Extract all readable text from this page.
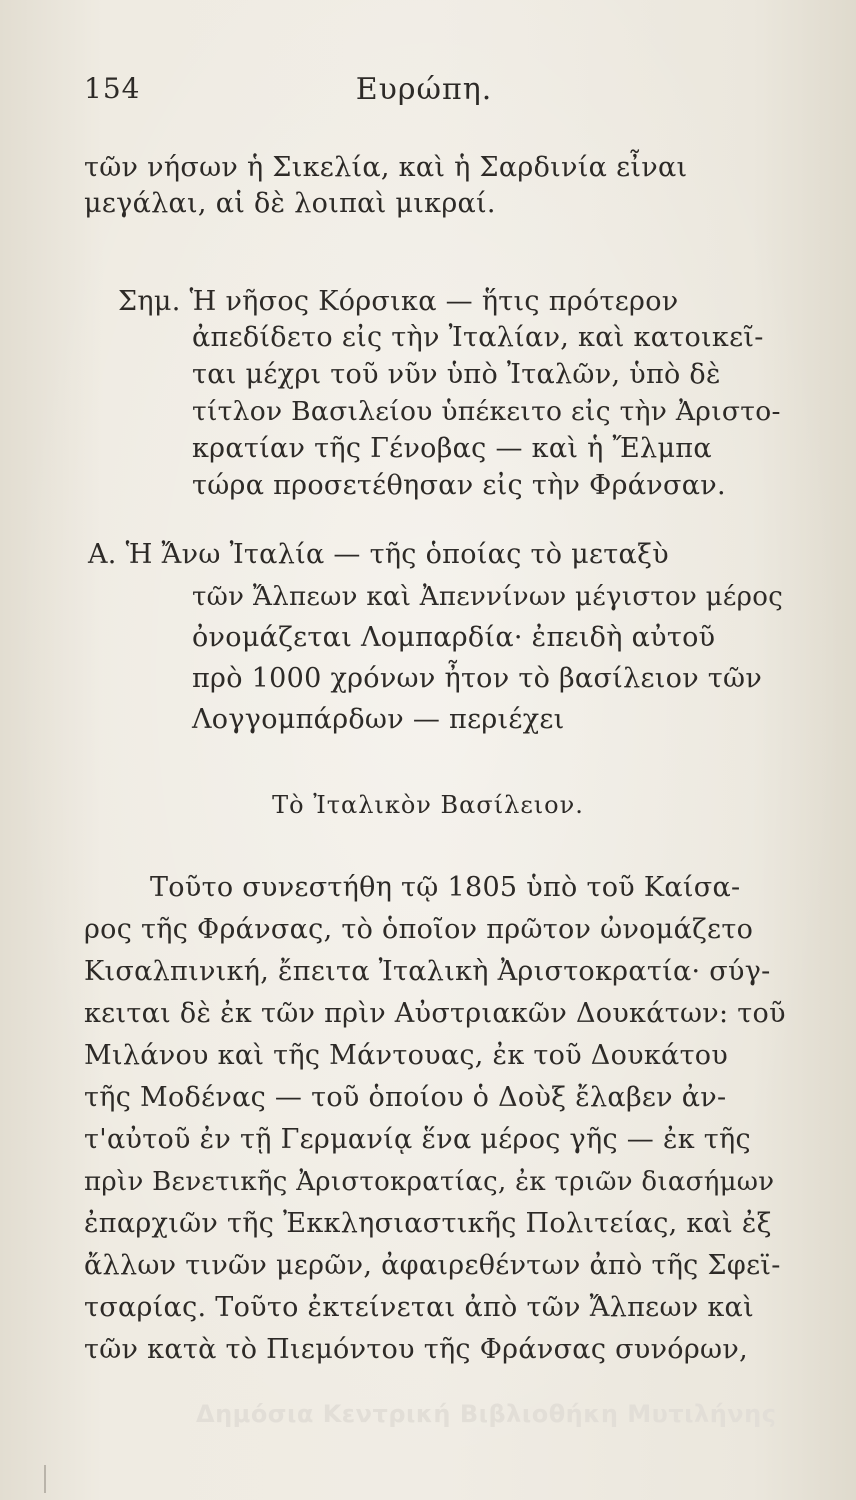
154	Ευρώπη.
τῶν νήσων ἡ Σικελία, καὶ ἡ Σαρδινία εἶναι
μεγάλαι, αἱ δὲ λοιπαὶ μικραί.
Σημ. Ἡ νῆσος Κόρσικα — ἥτις πρότερον
ἀπεδίδετο εἰς τὴν Ἰταλίαν, καὶ κατοικεῖ-
ται μέχρι τοῦ νῦν ὑπὸ Ἰταλῶν, ὑπὸ δὲ
τίτλον Βασιλείου ὑπέκειτο εἰς τὴν Ἀριστο-
κρατίαν τῆς Γένοβας — καὶ ἡ Ἔλμπα
τώρα προσετέθησαν εἰς τὴν Φράνσαν.
Α. Ἡ Ἄνω Ἰταλία — τῆς ὁποίας τὸ μεταξὺ
τῶν Ἄλπεων καὶ Ἀπεννίνων μέγιστον μέρος
ὀνομάζεται Λομπαρδία· ἐπειδὴ αὐτοῦ
πρὸ 1000 χρόνων ἦτον τὸ βασίλειον τῶν
Λογγομπάρδων — περιέχει
Τὸ Ἰταλικὸν Βασίλειον.
Τοῦτο συνεστήθη τῷ 1805 ὑπὸ τοῦ Καίσα-
ρος τῆς Φράνσας, τὸ ὁποῖον πρῶτον ὠνομάζετο
Κισαλπινική, ἔπειτα Ἰταλικὴ Ἀριστοκρατία· σύγ-
κειται δὲ ἐκ τῶν πρὶν Αὐστριακῶν Δουκάτων: τοῦ
Μιλάνου καὶ τῆς Μάντουας, ἐκ τοῦ Δουκάτου
τῆς Μοδένας — τοῦ ὁποίου ὁ Δοὺξ ἔλαβεν ἀν-
τ'αὐτοῦ ἐν τῇ Γερμανίᾳ ἕνα μέρος γῆς — ἐκ τῆς
πρὶν Βενετικῆς Ἀριστοκρατίας, ἐκ τριῶν διασήμων
ἐπαρχιῶν τῆς Ἐκκλησιαστικῆς Πολιτείας, καὶ ἐξ
ἄλλων τινῶν μερῶν, ἀφαιρεθέντων ἀπὸ τῆς Σφεϊ-
τσαρίας. Τοῦτο ἐκτείνεται ἀπὸ τῶν Ἄλπεων καὶ
τῶν κατὰ τὸ Πιεμόντου τῆς Φράνσας συνόρων,
Δημόσια Κεντρική Βιβλιοθήκη Μυτιλήνης
